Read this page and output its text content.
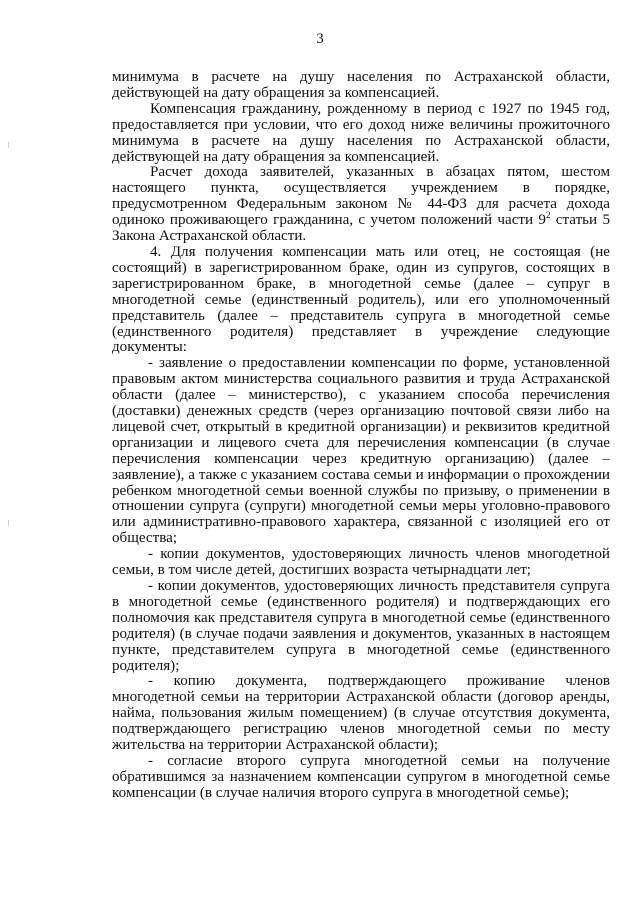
3

минимума в расчете на душу населения по Астраханской области, действующей на дату обращения за компенсацией.

Компенсация гражданину, рожденному в период с 1927 по 1945 год, предоставляется при условии, что его доход ниже величины прожиточного минимума в расчете на душу населения по Астраханской области, действующей на дату обращения за компенсацией.

Расчет дохода заявителей, указанных в абзацах пятом, шестом настоящего пункта, осуществляется учреждением в порядке, предусмотренном Федеральным законом № 44-ФЗ для расчета дохода одиноко проживающего гражданина, с учетом положений части $9^2$ статьи 5 Закона Астраханской области.

4. Для получения компенсации мать или отец, не состоящая (не состоящий) в зарегистрированном браке, один из супругов, состоящих в зарегистрированном браке, в многодетной семье (далее – супруг в многодетной семье (единственный родитель), или его уполномоченный представитель (далее – представитель супруга в многодетной семье (единственного родителя) представляет в учреждение следующие документы:

- заявление о предоставлении компенсации по форме, установленной правовым актом министерства социального развития и труда Астраханской области (далее – министерство), с указанием способа перечисления (доставки) денежных средств (через организацию почтовой связи либо на лицевой счет, открытый в кредитной организации) и реквизитов кредитной организации и лицевого счета для перечисления компенсации (в случае перечисления компенсации через кредитную организацию) (далее – заявление), а также с указанием состава семьи и информации о прохождении ребенком многодетной семьи военной службы по призыву, о применении в отношении супруга (супруги) многодетной семьи меры уголовно-правового или административно-правового характера, связанной с изоляцией его от общества;

- копии документов, удостоверяющих личность членов многодетной семьи, в том числе детей, достигших возраста четырнадцати лет;

- копии документов, удостоверяющих личность представителя супруга в многодетной семье (единственного родителя) и подтверждающих его полномочия как представителя супруга в многодетной семье (единственного родителя) (в случае подачи заявления и документов, указанных в настоящем пункте, представителем супруга в многодетной семье (единственного родителя);

- копию документа, подтверждающего проживание членов многодетной семьи на территории Астраханской области (договор аренды, найма, пользования жилым помещением) (в случае отсутствия документа, подтверждающего регистрацию членов многодетной семьи по месту жительства на территории Астраханской области);

- согласие второго супруга многодетной семьи на получение обратившимся за назначением компенсации супругом в многодетной семье компенсации (в случае наличия второго супруга в многодетной семье);
